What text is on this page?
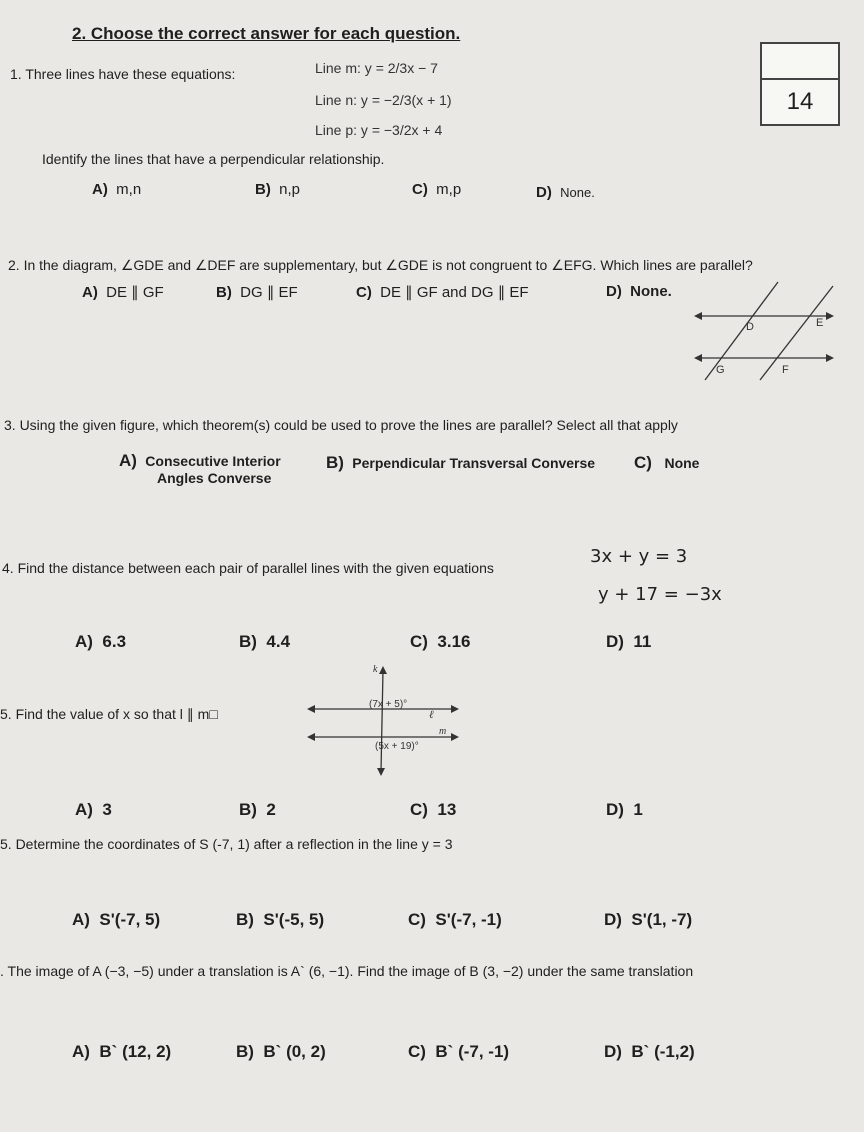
2. Choose the correct answer for each question.
14
1. Three lines have these equations:	Line m: y = 2/3x − 7
Line n: y = −2/3(x + 1)
Line p: y = −3/2x + 4
Identify the lines that have a perpendicular relationship.
A) m,n	B) n,p	C) m,p	D) None.
2. In the diagram, ∠GDE and ∠DEF are supplementary, but ∠GDE is not congruent to ∠EFG. Which lines are parallel?
A) DE ∥ GF	B) DG ∥ EF	C) DE ∥ GF and DG ∥ EF	D) None.
D	E
G	F
3. Using the given figure, which theorem(s) could be used to prove the lines are parallel? Select all that apply
A) Consecutive Interior
Angles Converse
B) Perpendicular Transversal Converse C) None
4. Find the distance between each pair of parallel lines with the given equations
3x + y = 3
y + 17 = −3x
A) 6.3	B) 4.4	C) 3.16	D) 11
5. Find the value of x so that l ∥ m□
k
ℓ
m
(7x + 5)°
(5x + 19)°
A) 3	B) 2	C) 13	D) 1
5. Determine the coordinates of S (-7, 1) after a reflection in the line y = 3
A) S'(-7, 5)	B) S'(-5, 5)	C) S'(-7, -1)	D) S'(1, -7)
. The image of A (−3, −5) under a translation is A` (6, −1). Find the image of B (3, −2) under the same translation
A) B` (12, 2)	B) B` (0, 2)	C) B` (-7, -1)	D) B` (-1,2)
